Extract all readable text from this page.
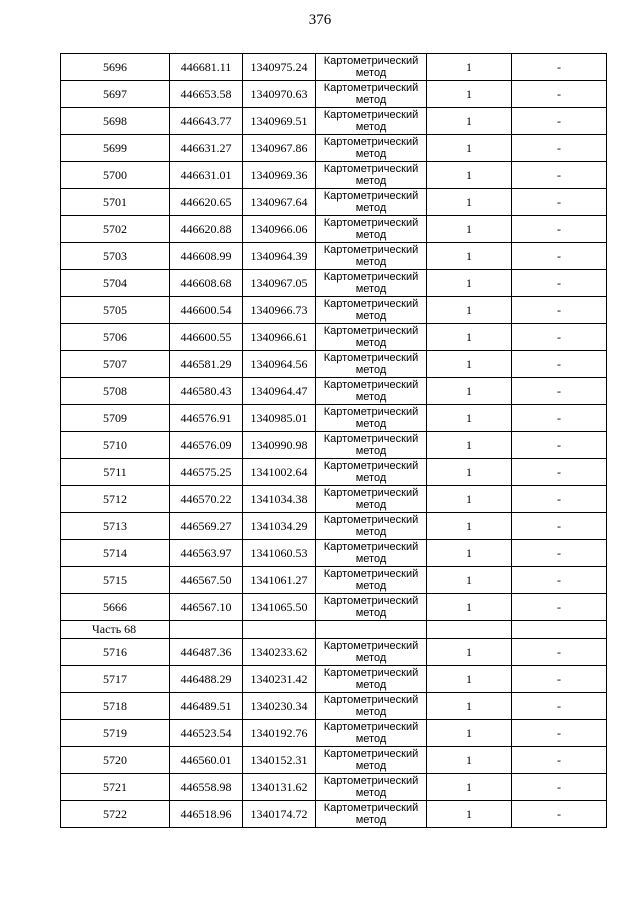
376
5696	446681.11	1340975.24	Картометрический метод	1	-
5697	446653.58	1340970.63	Картометрический метод	1	-
5698	446643.77	1340969.51	Картометрический метод	1	-
5699	446631.27	1340967.86	Картометрический метод	1	-
5700	446631.01	1340969.36	Картометрический метод	1	-
5701	446620.65	1340967.64	Картометрический метод	1	-
5702	446620.88	1340966.06	Картометрический метод	1	-
5703	446608.99	1340964.39	Картометрический метод	1	-
5704	446608.68	1340967.05	Картометрический метод	1	-
5705	446600.54	1340966.73	Картометрический метод	1	-
5706	446600.55	1340966.61	Картометрический метод	1	-
5707	446581.29	1340964.56	Картометрический метод	1	-
5708	446580.43	1340964.47	Картометрический метод	1	-
5709	446576.91	1340985.01	Картометрический метод	1	-
5710	446576.09	1340990.98	Картометрический метод	1	-
5711	446575.25	1341002.64	Картометрический метод	1	-
5712	446570.22	1341034.38	Картометрический метод	1	-
5713	446569.27	1341034.29	Картометрический метод	1	-
5714	446563.97	1341060.53	Картометрический метод	1	-
5715	446567.50	1341061.27	Картометрический метод	1	-
5666	446567.10	1341065.50	Картометрический метод	1	-
Часть 68					
5716	446487.36	1340233.62	Картометрический метод	1	-
5717	446488.29	1340231.42	Картометрический метод	1	-
5718	446489.51	1340230.34	Картометрический метод	1	-
5719	446523.54	1340192.76	Картометрический метод	1	-
5720	446560.01	1340152.31	Картометрический метод	1	-
5721	446558.98	1340131.62	Картометрический метод	1	-
5722	446518.96	1340174.72	Картометрический метод	1	-
